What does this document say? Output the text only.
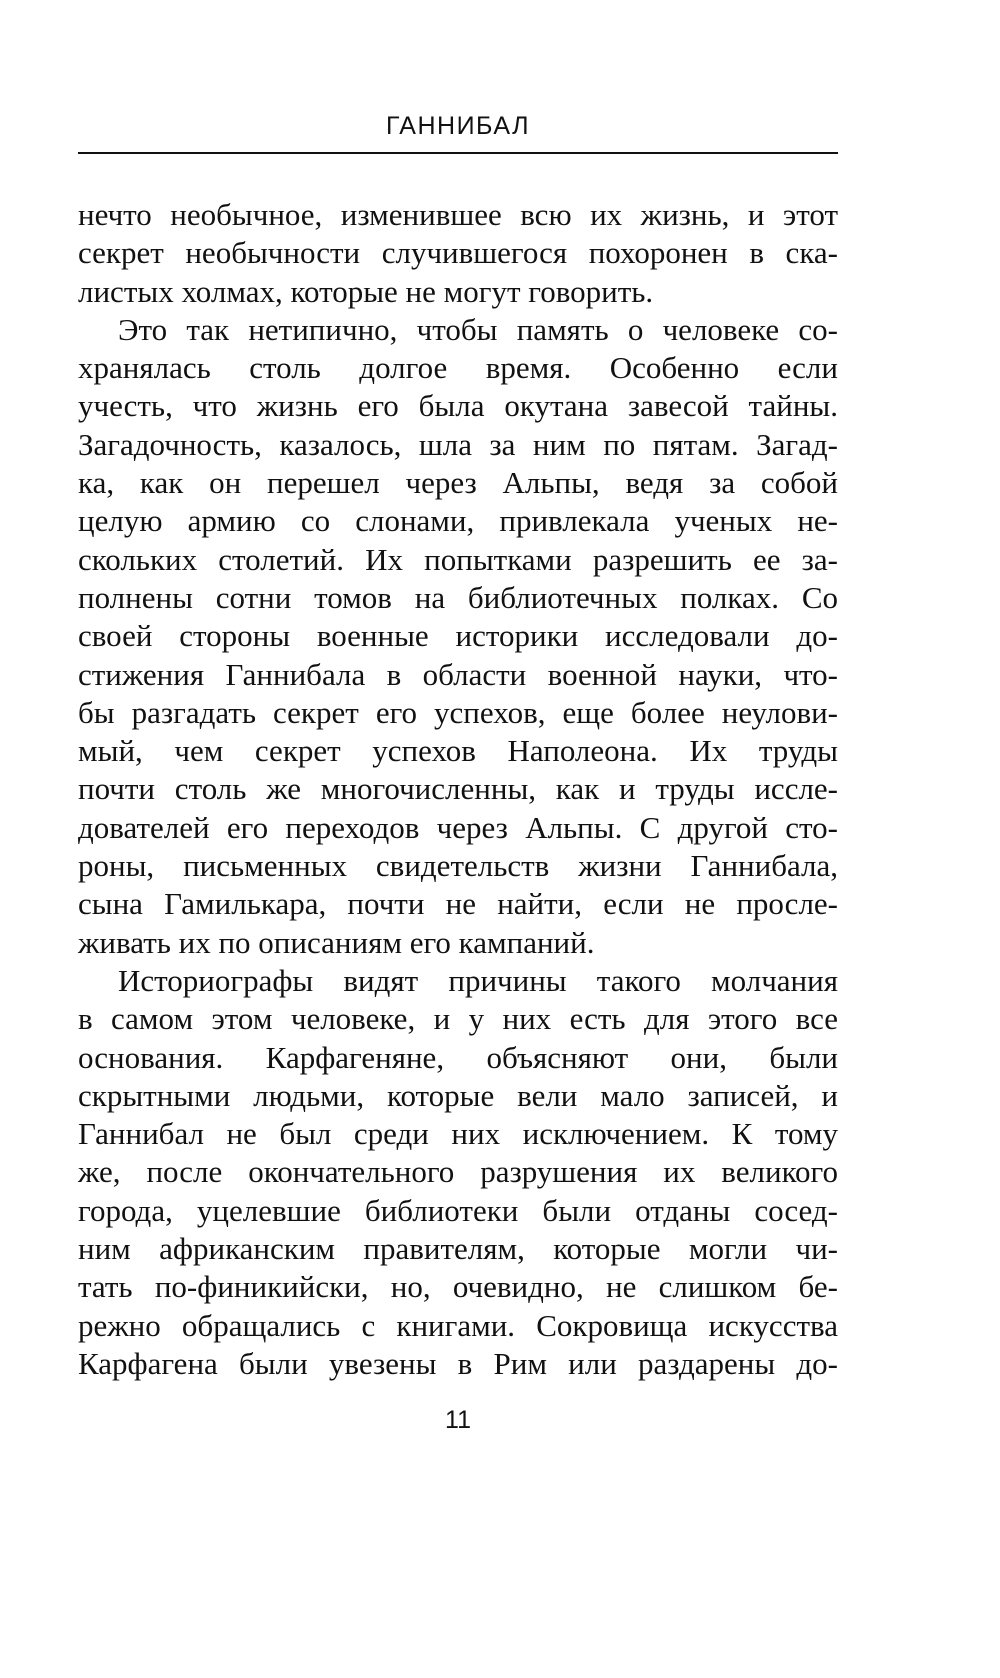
ГАННИБАЛ
нечто необычное, изменившее всю их жизнь, и этот
секрет необычности случившегося похоронен в ска-
листых холмах, которые не могут говорить.
Это так нетипично, чтобы память о человеке со-
хранялась столь долгое время. Особенно если
учесть, что жизнь его была окутана завесой тайны.
Загадочность, казалось, шла за ним по пятам. Загад-
ка, как он перешел через Альпы, ведя за собой
целую армию со слонами, привлекала ученых не-
скольких столетий. Их попытками разрешить ее за-
полнены сотни томов на библиотечных полках. Со
своей стороны военные историки исследовали до-
стижения Ганнибала в области военной науки, что-
бы разгадать секрет его успехов, еще более неулови-
мый, чем секрет успехов Наполеона. Их труды
почти столь же многочисленны, как и труды иссле-
дователей его переходов через Альпы. С другой сто-
роны, письменных свидетельств жизни Ганнибала,
сына Гамилькара, почти не найти, если не просле-
живать их по описаниям его кампаний.
Историографы видят причины такого молчания
в самом этом человеке, и у них есть для этого все
основания. Карфагеняне, объясняют они, были
скрытными людьми, которые вели мало записей, и
Ганнибал не был среди них исключением. К тому
же, после окончательного разрушения их великого
города, уцелевшие библиотеки были отданы сосед-
ним африканским правителям, которые могли чи-
тать по-финикийски, но, очевидно, не слишком бе-
режно обращались с книгами. Сокровища искусства
Карфагена были увезены в Рим или раздарены до-
11
